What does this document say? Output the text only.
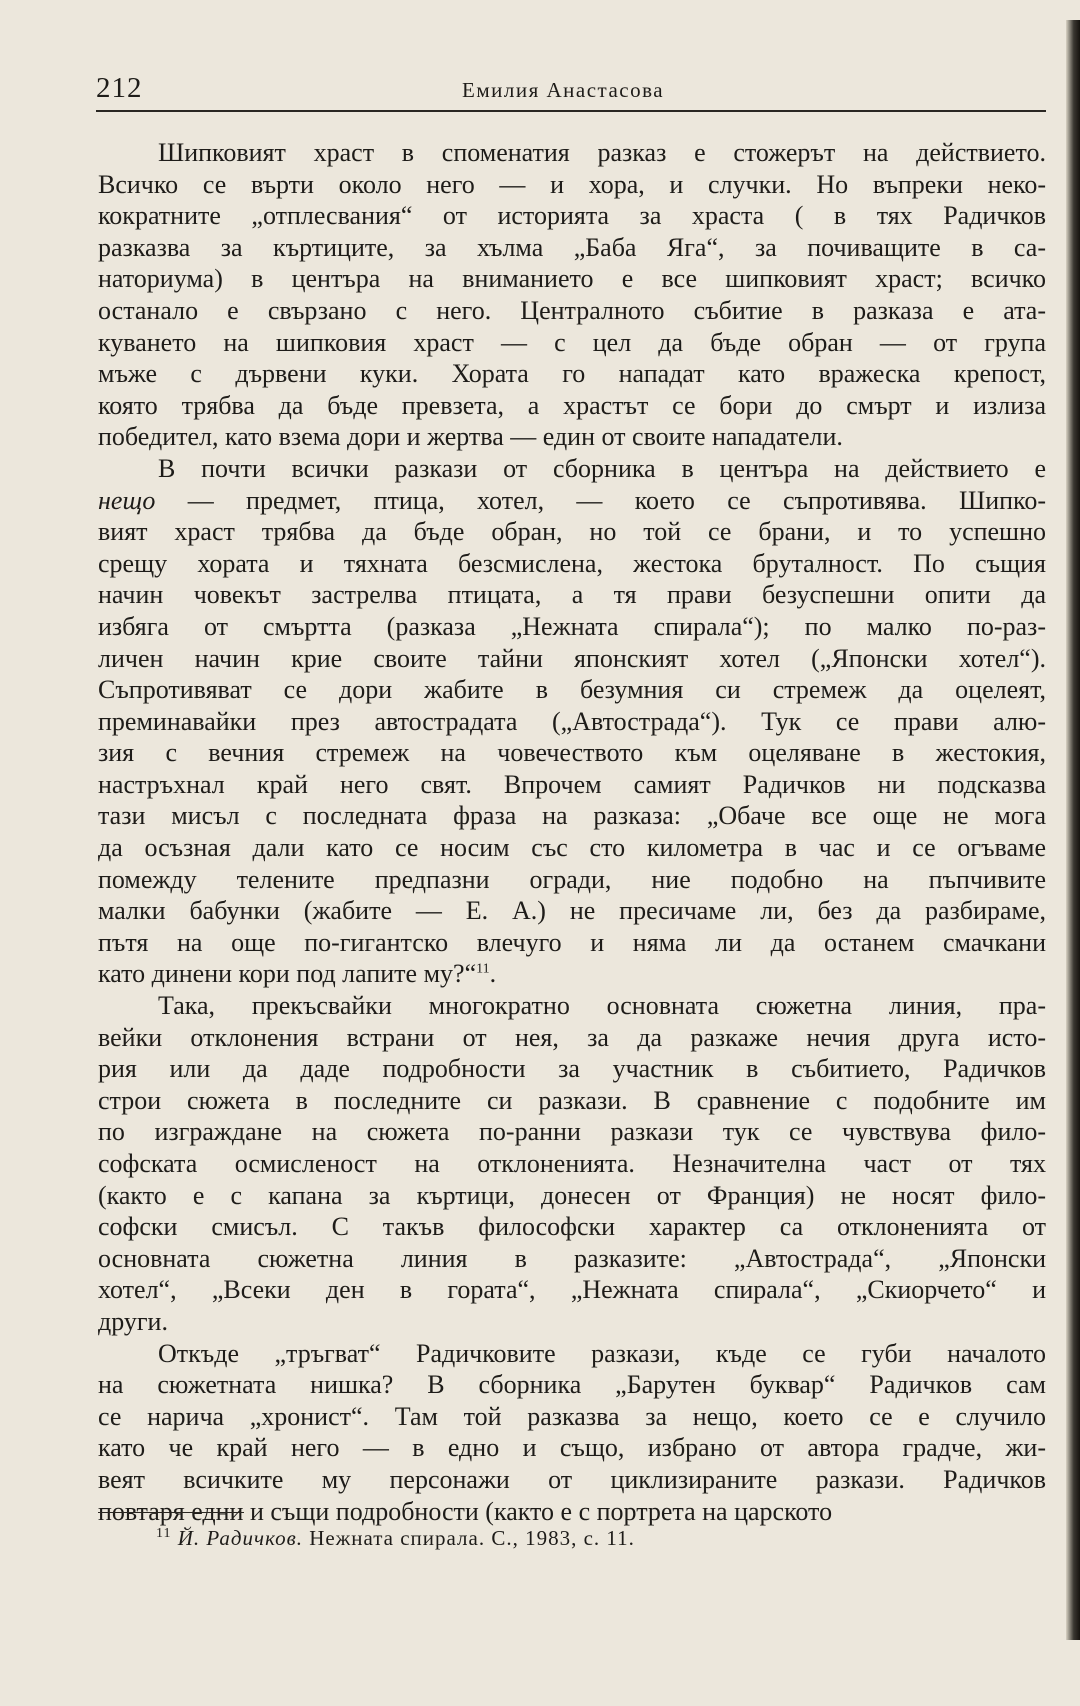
212	Емилия Анастасова
Шипковият храст в споменатия разказ е стожерът на действието.
Всичко се върти около него — и хора, и случки. Но въпреки неко-
кократните „отплесвания“ от историята за храста ( в тях Радичков
разказва за къртиците, за хълма „Баба Яга“, за почиващите в са-
наториума) в центъра на вниманието е все шипковият храст; всичко
останало е свързано с него. Централното събитие в разказа е ата-
куването на шипковия храст — с цел да бъде обран — от група
мъже с дървени куки. Хората го нападат като вражеска крепост,
която трябва да бъде превзета, а храстът се бори до смърт и излиза
победител, като взема дори и жертва — един от своите нападатели.
В почти всички разкази от сборника в центъра на действието е
нещо — предмет, птица, хотел, — което се съпротивява. Шипко-
вият храст трябва да бъде обран, но той се брани, и то успешно
срещу хората и тяхната безсмислена, жестока бруталност. По същия
начин човекът застрелва птицата, а тя прави безуспешни опити да
избяга от смъртта (разказа „Нежната спирала“); по малко по-раз-
личен начин крие своите тайни японският хотел („Японски хотел“).
Съпротивяват се дори жабите в безумния си стремеж да оцелеят,
преминавайки през автострадата („Автострада“). Тук се прави алю-
зия с вечния стремеж на човечеството към оцеляване в жестокия,
настръхнал край него свят. Впрочем самият Радичков ни подсказва
тази мисъл с последната фраза на разказа: „Обаче все още не мога
да осъзная дали като се носим със сто километра в час и се огъваме
помежду телените предпазни огради, ние подобно на пъпчивите
малки бабунки (жабите — Е. А.) не пресичаме ли, без да разбираме,
пътя на още по-гигантско влечуго и няма ли да останем смачкани
като динени кори под лапите му?“$^{11}$.
Така, прекъсвайки многократно основната сюжетна линия, пра-
вейки отклонения встрани от нея, за да разкаже нечия друга исто-
рия или да даде подробности за участник в събитието, Радичков
строи сюжета в последните си разкази. В сравнение с подобните им
по изграждане на сюжета по-ранни разкази тук се чувствува фило-
софската осмисленост на отклоненията. Незначителна част от тях
(както е с капана за къртици, донесен от Франция) не носят фило-
софски смисъл. С такъв философски характер са отклоненията от
основната сюжетна линия в разказите: „Автострада“, „Японски
хотел“, „Всеки ден в гората“, „Нежната спирала“, „Скиорчето“ и
други.
Откъде „тръгват“ Радичковите разкази, къде се губи началото
на сюжетната нишка? В сборника „Барутен буквар“ Радичков сам
се нарича „хронист“. Там той разказва за нещо, което се е случило
като че край него — в едно и също, избрано от автора градче, жи-
веят всичките му персонажи от циклизираните разкази. Радичков
повтаря едни и същи подробности (както е с портрета на царското
$^{11}$ Й. Радичков. Нежната спирала. С., 1983, с. 11.
